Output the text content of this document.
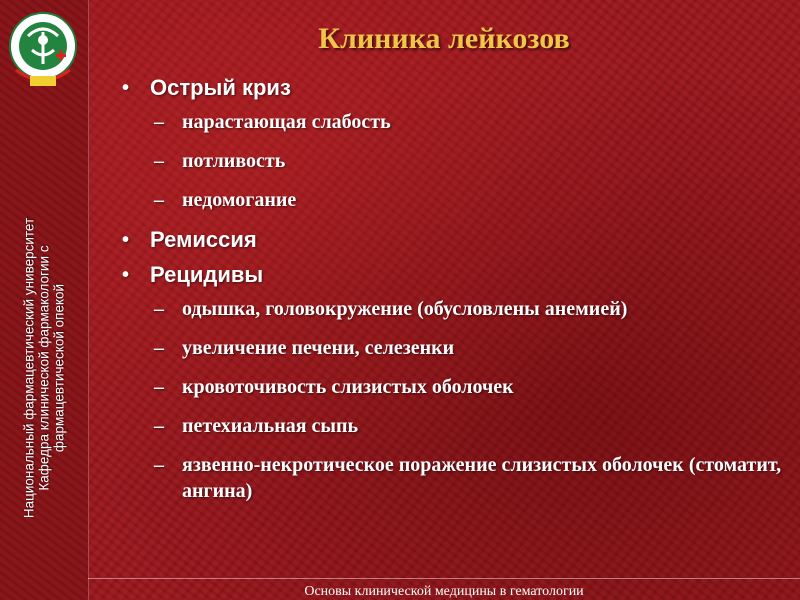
Национальный фармацевтический университет Кафедра клинической фармакологии с фармацевтической опекой
Клиника лейкозов
• Острый криз
– нарастающая слабость
– потливость
– недомогание
• Ремиссия
• Рецидивы
– одышка, головокружение (обусловлены анемией)
– увеличение печени, селезенки
– кровоточивость слизистых оболочек
– петехиальная сыпь
– язвенно-некротическое поражение слизистых оболочек (стоматит, ангина)
Основы клинической медицины в гематологии
